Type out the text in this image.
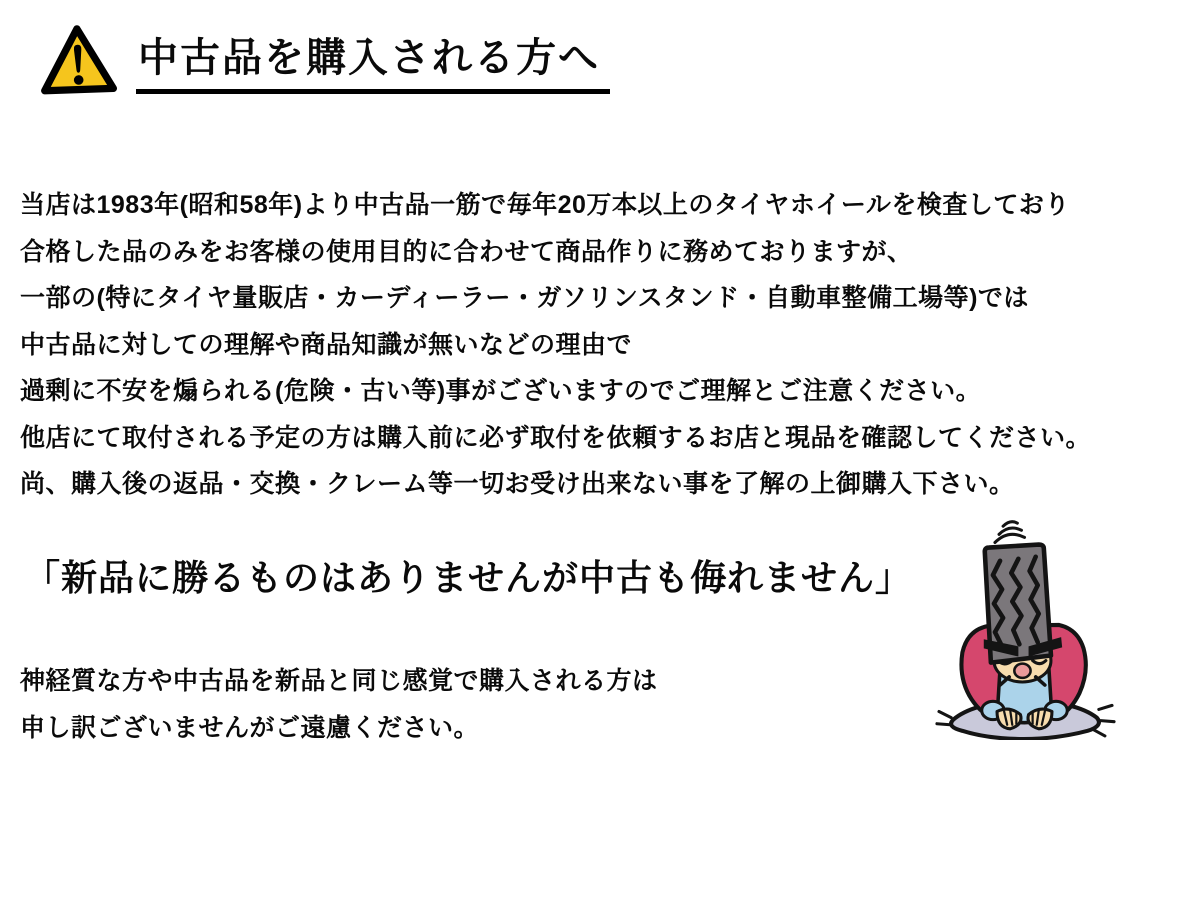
中古品を購入される方へ

当店は1983年(昭和58年)より中古品一筋で毎年20万本以上のタイヤホイールを検査しており

合格した品のみをお客様の使用目的に合わせて商品作りに務めておりますが、

一部の(特にタイヤ量販店・カーディーラー・ガソリンスタンド・自動車整備工場等)では

中古品に対しての理解や商品知識が無いなどの理由で

過剰に不安を煽られる(危険・古い等)事がございますのでご理解とご注意ください。

他店にて取付される予定の方は購入前に必ず取付を依頼するお店と現品を確認してください。

尚、購入後の返品・交換・クレーム等一切お受け出来ない事を了解の上御購入下さい。

「新品に勝るものはありませんが中古も侮れません」

神経質な方や中古品を新品と同じ感覚で購入される方は

申し訳ございませんがご遠慮ください。
